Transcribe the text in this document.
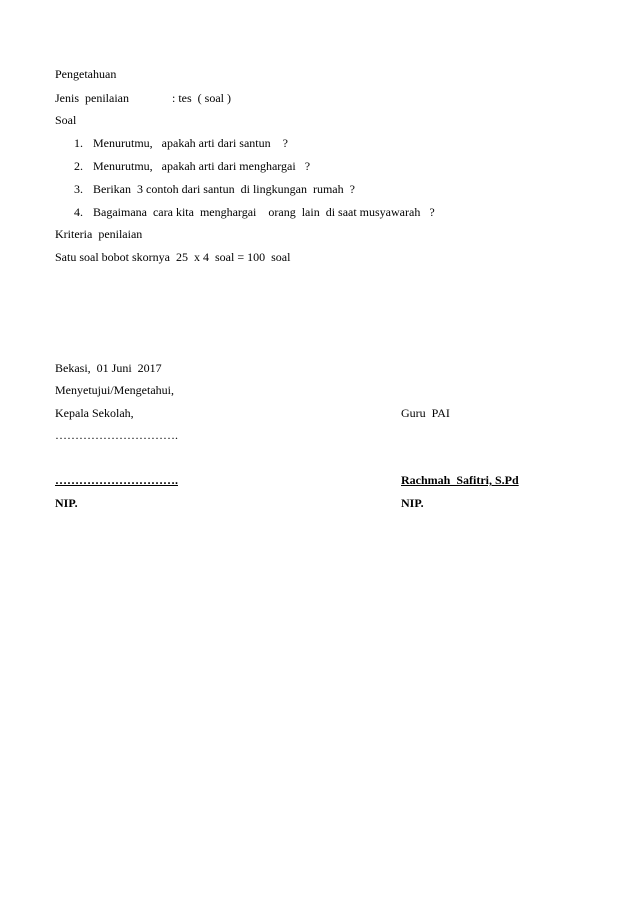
Pengetahuan
Jenis  penilaian	: tes  ( soal )
Soal
1. Menurutmu,   apakah arti dari santun    ?
2. Menurutmu,   apakah arti dari menghargai   ?
3. Berikan  3 contoh dari santun  di lingkungan  rumah  ?
4. Bagaimana  cara kita  menghargai    orang  lain  di saat musyawarah   ?
Kriteria  penilaian
Satu soal bobot skornya  25  x 4  soal = 100  soal
Bekasi,  01 Juni  2017
Menyetujui/Mengetahui,
Kepala Sekolah,	Guru  PAI
………………………….
………………………….	Rachmah  Safitri, S.Pd
NIP.	NIP.
